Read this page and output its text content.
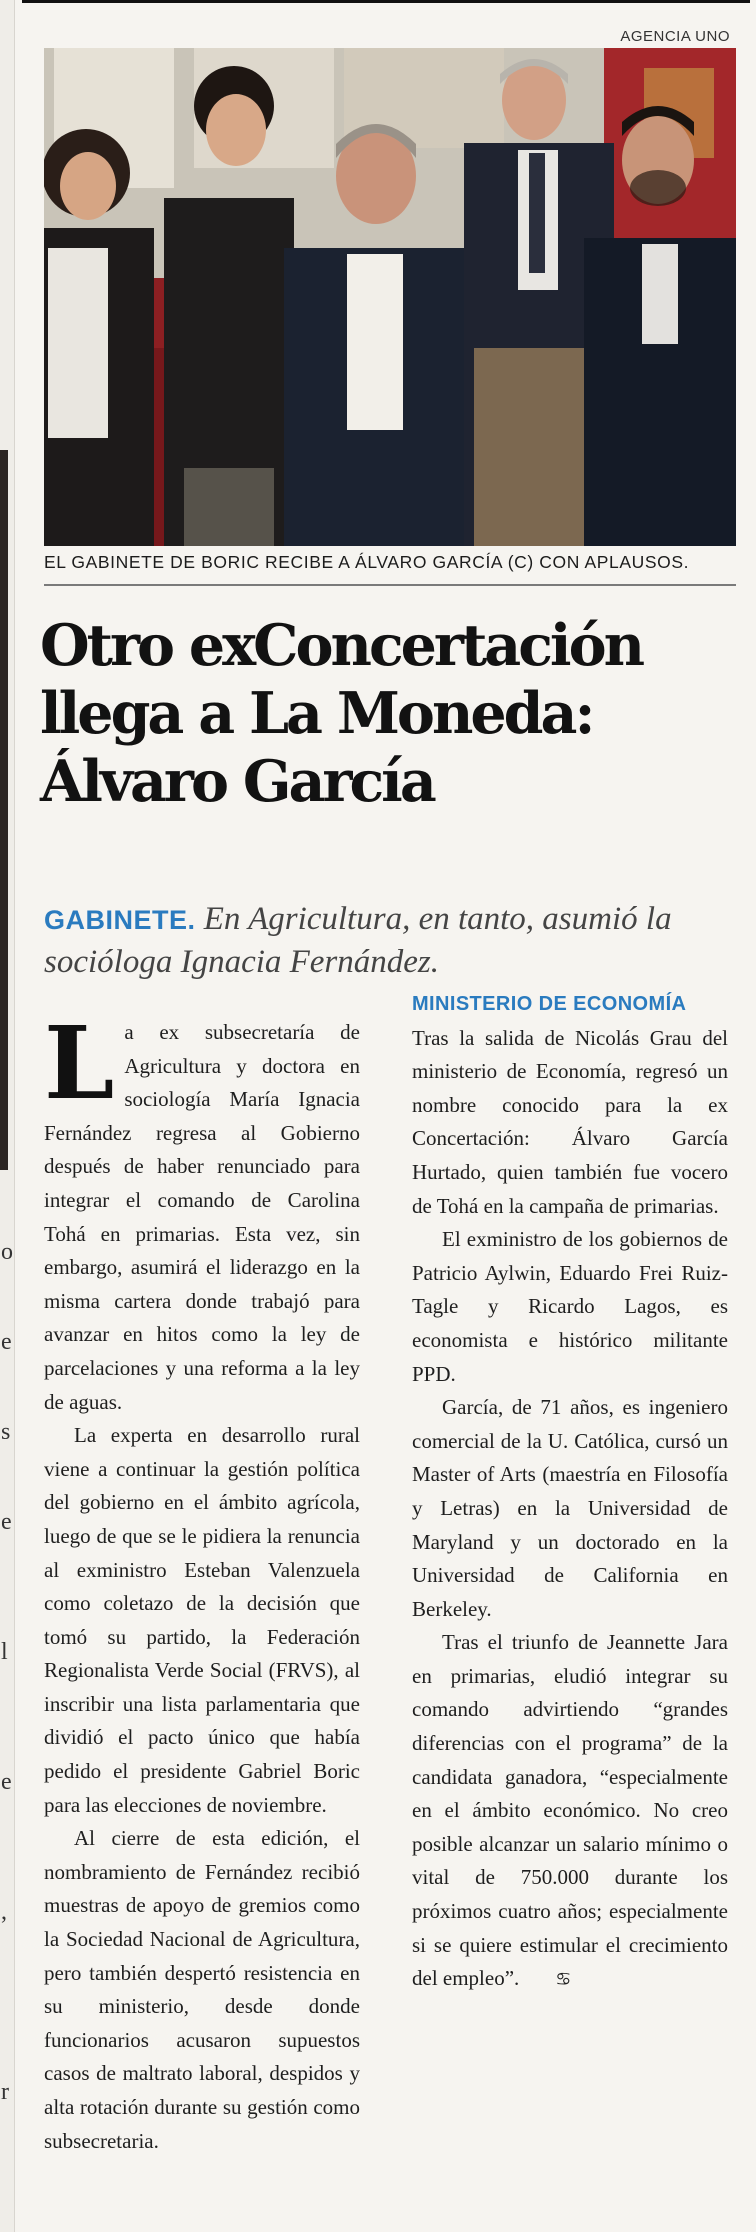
o
e
s
e
l
e
,
r
AGENCIA UNO
EL GABINETE DE BORIC RECIBE A ÁLVARO GARCÍA (C) CON APLAUSOS.
Otro exConcertación
llega a La Moneda:
Álvaro García
GABINETE. En Agricultura, en tanto, asumió la socióloga Ignacia Fernández.

La ex subsecretaría de Agricultura y doctora en sociología María Ignacia Fernández regresa al Gobierno después de haber renunciado para integrar el comando de Carolina Tohá en primarias. Esta vez, sin embargo, asumirá el liderazgo en la misma cartera donde trabajó para avanzar en hitos como la ley de parcelaciones y una reforma a la ley de aguas.

La experta en desarrollo rural viene a continuar la gestión política del gobierno en el ámbito agrícola, luego de que se le pidiera la renuncia al exministro Esteban Valenzuela como coletazo de la decisión que tomó su partido, la Federación Regionalista Verde Social (FRVS), al inscribir una lista parlamentaria que dividió el pacto único que había pedido el presidente Gabriel Boric para las elecciones de noviembre.

Al cierre de esta edición, el nombramiento de Fernández recibió muestras de apoyo de gremios como la Sociedad Nacional de Agricultura, pero también despertó resistencia en su ministerio, desde donde funcionarios acusaron supuestos casos de maltrato laboral, despidos y alta rotación durante su gestión como subsecretaria.

MINISTERIO DE ECONOMÍA

Tras la salida de Nicolás Grau del ministerio de Economía, regresó un nombre conocido para la ex Concertación: Álvaro García Hurtado, quien también fue vocero de Tohá en la campaña de primarias.

El exministro de los gobiernos de Patricio Aylwin, Eduardo Frei Ruiz-Tagle y Ricardo Lagos, es economista e histórico militante PPD.

García, de 71 años, es ingeniero comercial de la U. Católica, cursó un Master of Arts (maestría en Filosofía y Letras) en la Universidad de Maryland y un doctorado en la Universidad de California en Berkeley.

Tras el triunfo de Jeannette Jara en primarias, eludió integrar su comando advirtiendo “grandes diferencias con el programa” de la candidata ganadora, “especialmente en el ámbito económico. No creo posible alcanzar un salario mínimo o vital de 750.000 durante los próximos cuatro años; especialmente si se quiere estimular el crecimiento del empleo”. ♋
